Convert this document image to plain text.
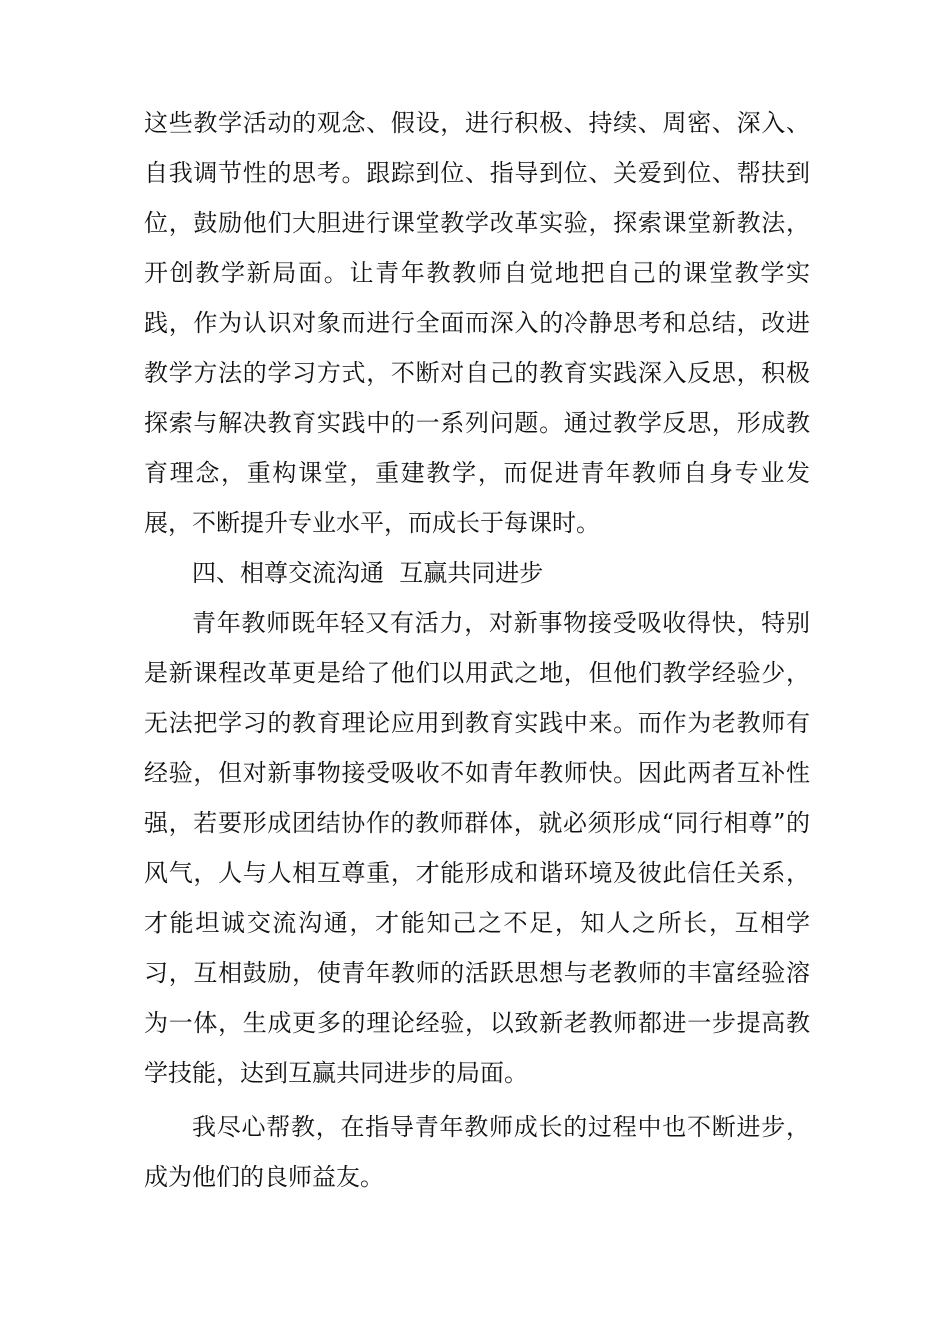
这些教学活动的观念、假设，进行积极、持续、周密、深入、自我调节性的思考。跟踪到位、指导到位、关爱到位、帮扶到位，鼓励他们大胆进行课堂教学改革实验，探索课堂新教法，开创教学新局面。让青年教教师自觉地把自己的课堂教学实践，作为认识对象而进行全面而深入的冷静思考和总结，改进教学方法的学习方式，不断对自己的教育实践深入反思，积极探索与解决教育实践中的一系列问题。通过教学反思，形成教育理念，重构课堂，重建教学，而促进青年教师自身专业发展，不断提升专业水平，而成长于每课时。

四、相尊交流沟通  互赢共同进步

青年教师既年轻又有活力，对新事物接受吸收得快，特别是新课程改革更是给了他们以用武之地，但他们教学经验少，无法把学习的教育理论应用到教育实践中来。而作为老教师有经验，但对新事物接受吸收不如青年教师快。因此两者互补性强，若要形成团结协作的教师群体，就必须形成“同行相尊”的风气，人与人相互尊重，才能形成和谐环境及彼此信任关系，才能坦诚交流沟通，才能知己之不足，知人之所长，互相学习，互相鼓励，使青年教师的活跃思想与老教师的丰富经验溶为一体，生成更多的理论经验，以致新老教师都进一步提高教学技能，达到互赢共同进步的局面。

我尽心帮教，在指导青年教师成长的过程中也不断进步，成为他们的良师益友。
